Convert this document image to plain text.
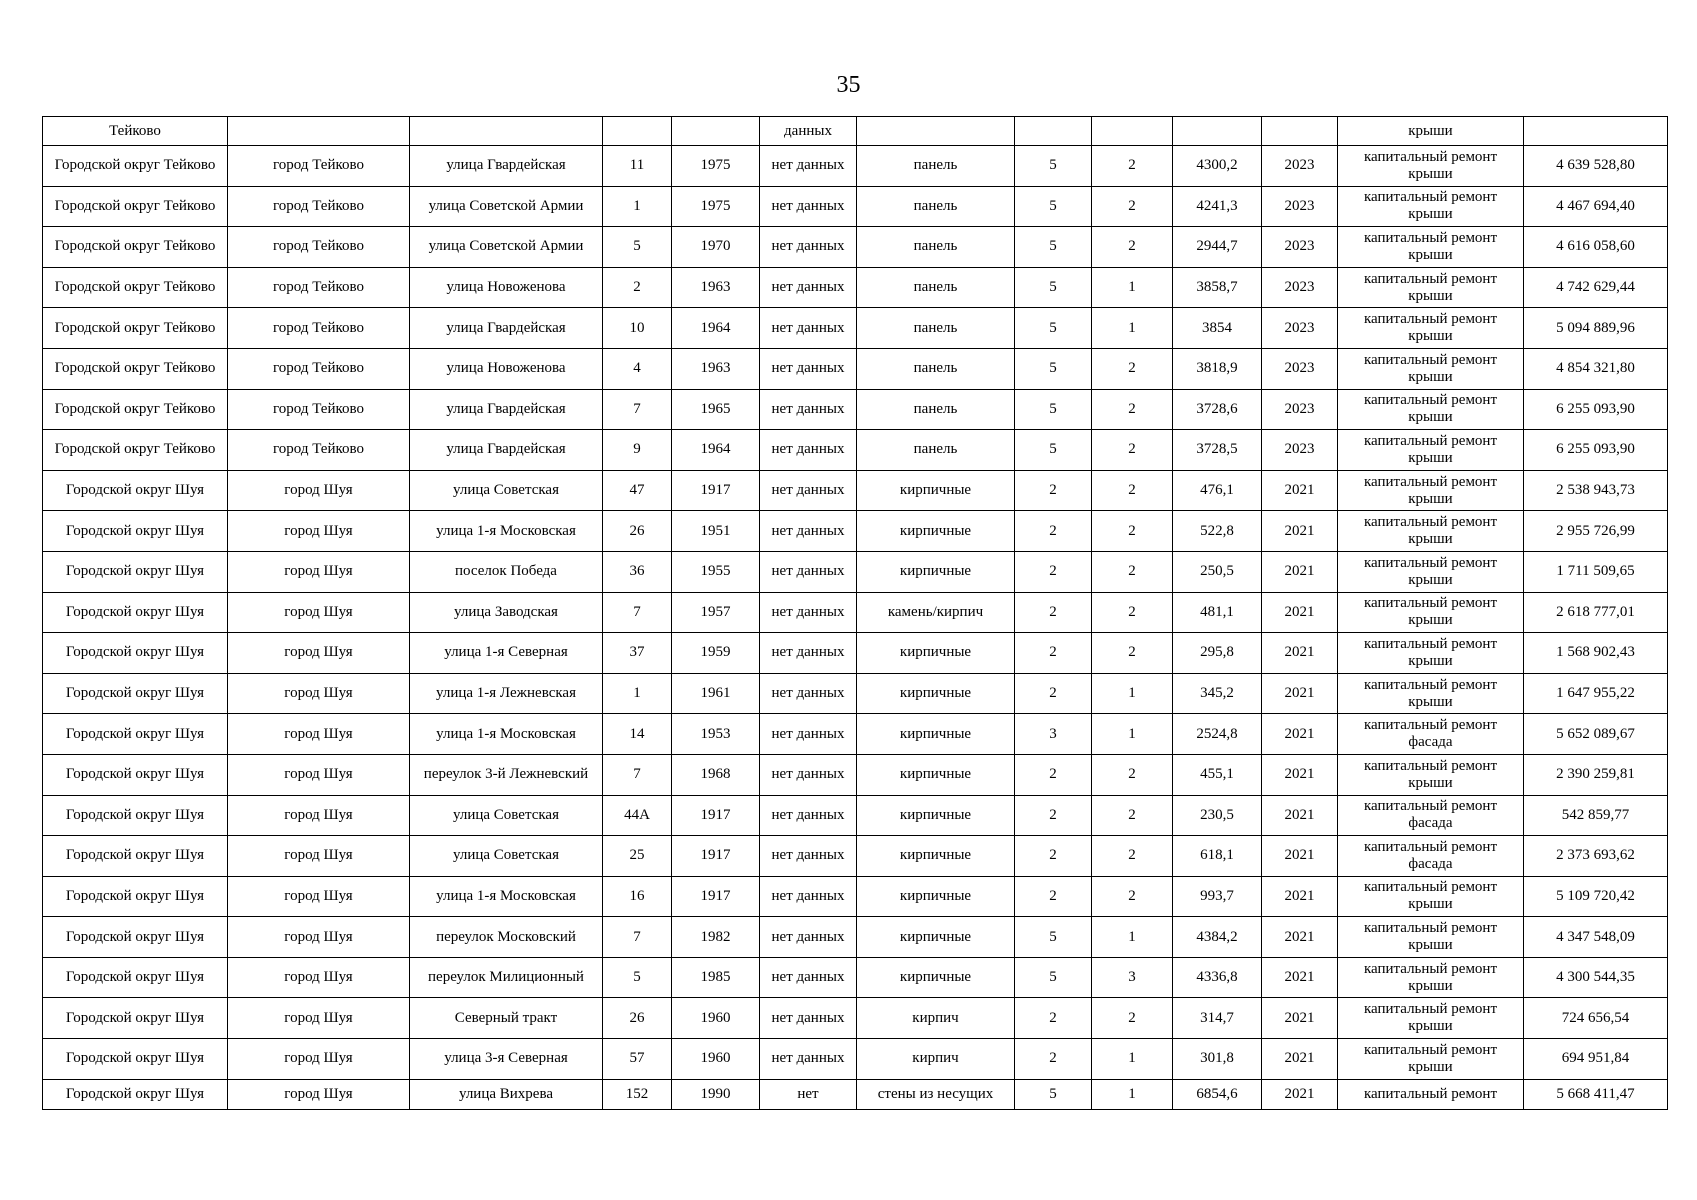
35
Тейково					данных						крыши	
Городской округ Тейково	город Тейково	улица Гвардейская	11	1975	нет данных	панель	5	2	4300,2	2023	капитальный ремонт крыши	4 639 528,80
Городской округ Тейково	город Тейково	улица Советской Армии	1	1975	нет данных	панель	5	2	4241,3	2023	капитальный ремонт крыши	4 467 694,40
Городской округ Тейково	город Тейково	улица Советской Армии	5	1970	нет данных	панель	5	2	2944,7	2023	капитальный ремонт крыши	4 616 058,60
Городской округ Тейково	город Тейково	улица Новоженова	2	1963	нет данных	панель	5	1	3858,7	2023	капитальный ремонт крыши	4 742 629,44
Городской округ Тейково	город Тейково	улица Гвардейская	10	1964	нет данных	панель	5	1	3854	2023	капитальный ремонт крыши	5 094 889,96
Городской округ Тейково	город Тейково	улица Новоженова	4	1963	нет данных	панель	5	2	3818,9	2023	капитальный ремонт крыши	4 854 321,80
Городской округ Тейково	город Тейково	улица Гвардейская	7	1965	нет данных	панель	5	2	3728,6	2023	капитальный ремонт крыши	6 255 093,90
Городской округ Тейково	город Тейково	улица Гвардейская	9	1964	нет данных	панель	5	2	3728,5	2023	капитальный ремонт крыши	6 255 093,90
Городской округ Шуя	город Шуя	улица Советская	47	1917	нет данных	кирпичные	2	2	476,1	2021	капитальный ремонт крыши	2 538 943,73
Городской округ Шуя	город Шуя	улица 1-я Московская	26	1951	нет данных	кирпичные	2	2	522,8	2021	капитальный ремонт крыши	2 955 726,99
Городской округ Шуя	город Шуя	поселок Победа	36	1955	нет данных	кирпичные	2	2	250,5	2021	капитальный ремонт крыши	1 711 509,65
Городской округ Шуя	город Шуя	улица Заводская	7	1957	нет данных	камень/кирпич	2	2	481,1	2021	капитальный ремонт крыши	2 618 777,01
Городской округ Шуя	город Шуя	улица 1-я Северная	37	1959	нет данных	кирпичные	2	2	295,8	2021	капитальный ремонт крыши	1 568 902,43
Городской округ Шуя	город Шуя	улица 1-я Лежневская	1	1961	нет данных	кирпичные	2	1	345,2	2021	капитальный ремонт крыши	1 647 955,22
Городской округ Шуя	город Шуя	улица 1-я Московская	14	1953	нет данных	кирпичные	3	1	2524,8	2021	капитальный ремонт фасада	5 652 089,67
Городской округ Шуя	город Шуя	переулок 3-й Лежневский	7	1968	нет данных	кирпичные	2	2	455,1	2021	капитальный ремонт крыши	2 390 259,81
Городской округ Шуя	город Шуя	улица Советская	44А	1917	нет данных	кирпичные	2	2	230,5	2021	капитальный ремонт фасада	542 859,77
Городской округ Шуя	город Шуя	улица Советская	25	1917	нет данных	кирпичные	2	2	618,1	2021	капитальный ремонт фасада	2 373 693,62
Городской округ Шуя	город Шуя	улица 1-я Московская	16	1917	нет данных	кирпичные	2	2	993,7	2021	капитальный ремонт крыши	5 109 720,42
Городской округ Шуя	город Шуя	переулок Московский	7	1982	нет данных	кирпичные	5	1	4384,2	2021	капитальный ремонт крыши	4 347 548,09
Городской округ Шуя	город Шуя	переулок Милиционный	5	1985	нет данных	кирпичные	5	3	4336,8	2021	капитальный ремонт крыши	4 300 544,35
Городской округ Шуя	город Шуя	Северный тракт	26	1960	нет данных	кирпич	2	2	314,7	2021	капитальный ремонт крыши	724 656,54
Городской округ Шуя	город Шуя	улица 3-я Северная	57	1960	нет данных	кирпич	2	1	301,8	2021	капитальный ремонт крыши	694 951,84
Городской округ Шуя	город Шуя	улица Вихрева	152	1990	нет	стены из несущих	5	1	6854,6	2021	капитальный ремонт	5 668 411,47
